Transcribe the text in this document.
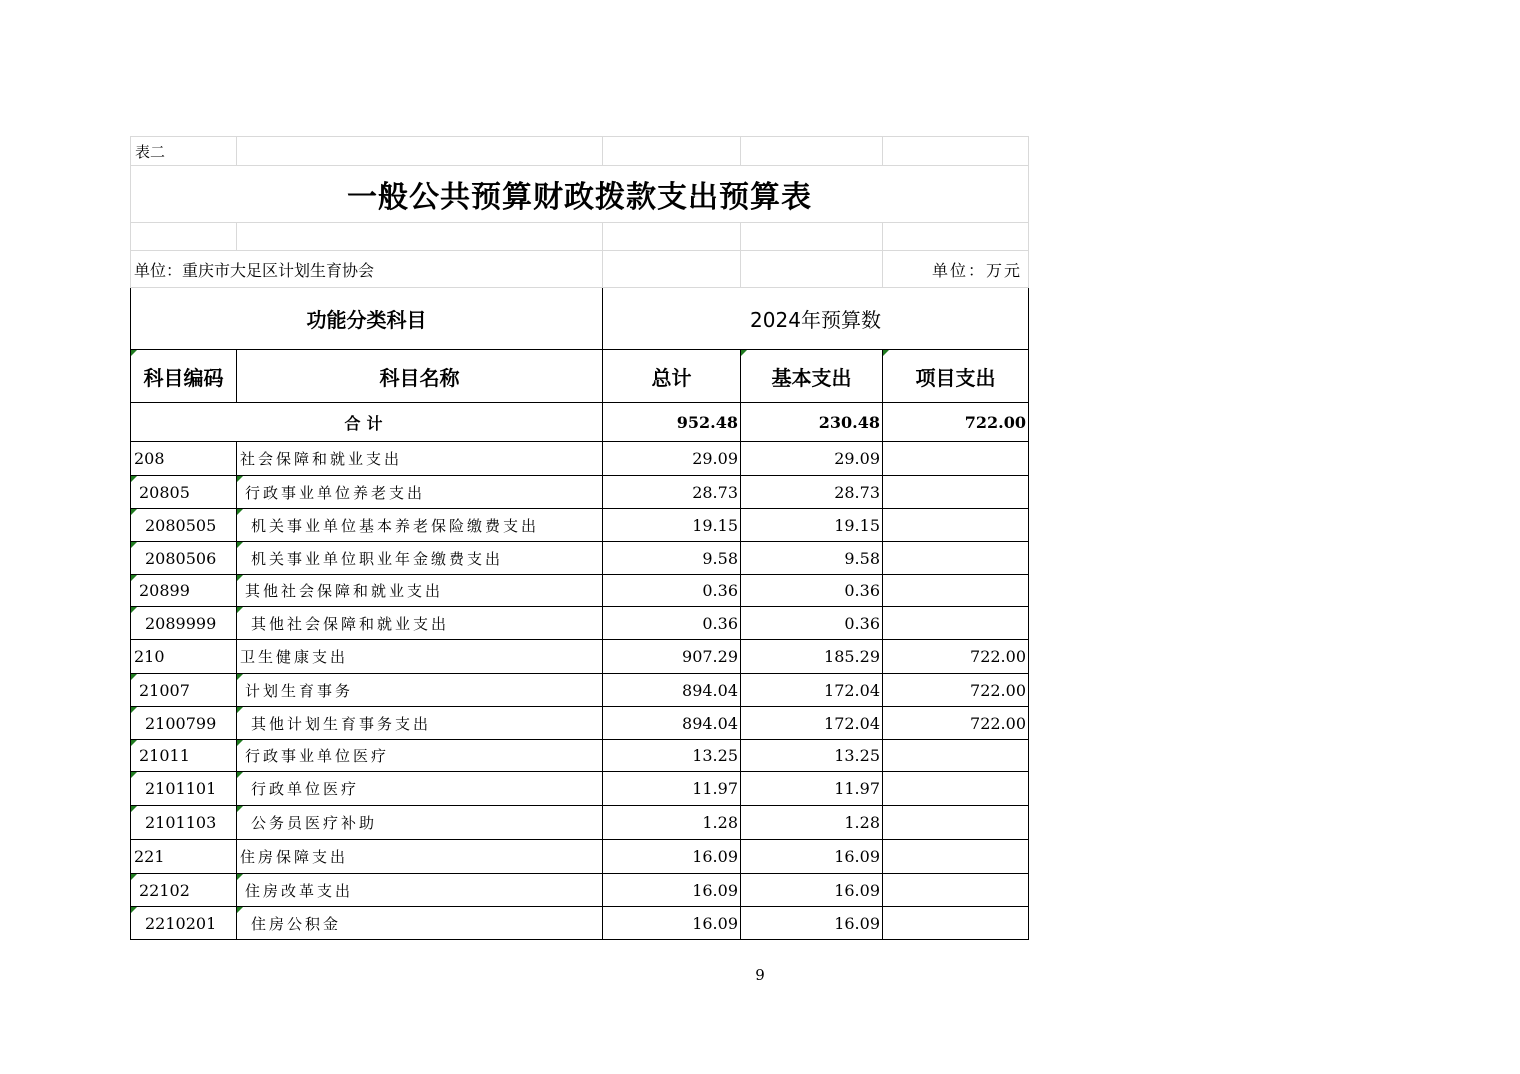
表二				
一般公共预算财政拨款支出预算表				

单位：重庆市大足区计划生育协会				单位：万元
功能分类科目		2024年预算数		
科目编码	科目名称	总计	基本支出	项目支出
合计		952.48	230.48	722.00
208	社会保障和就业支出	29.09	29.09	
20805	行政事业单位养老支出	28.73	28.73	
2080505	机关事业单位基本养老保险缴费支出	19.15	19.15	
2080506	机关事业单位职业年金缴费支出	9.58	9.58	
20899	其他社会保障和就业支出	0.36	0.36	
2089999	其他社会保障和就业支出	0.36	0.36	
210	卫生健康支出	907.29	185.29	722.00
21007	计划生育事务	894.04	172.04	722.00
2100799	其他计划生育事务支出	894.04	172.04	722.00
21011	行政事业单位医疗	13.25	13.25	
2101101	行政单位医疗	11.97	11.97	
2101103	公务员医疗补助	1.28	1.28	
221	住房保障支出	16.09	16.09	
22102	住房改革支出	16.09	16.09	
2210201	住房公积金	16.09	16.09	
9
